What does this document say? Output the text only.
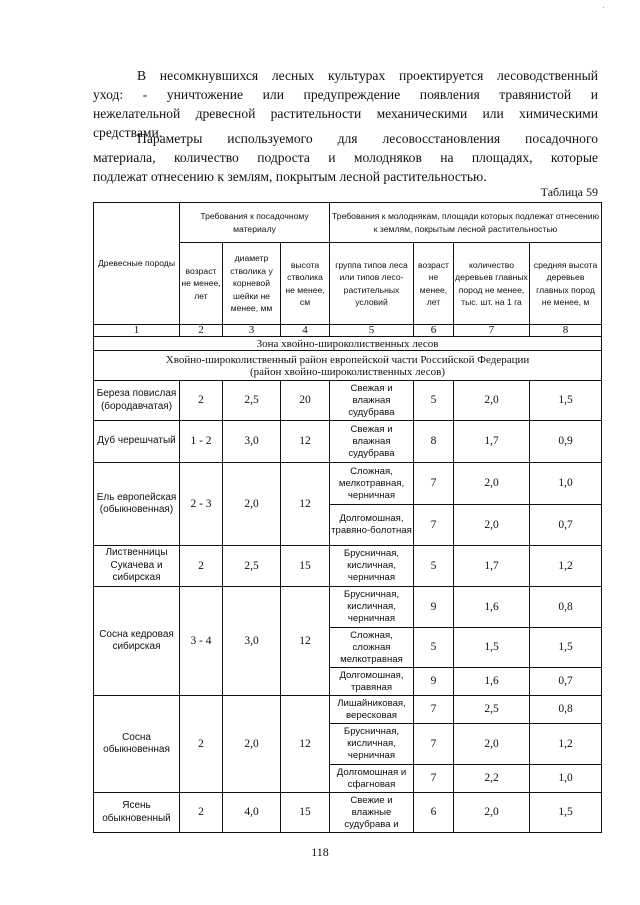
В несомкнувшихся лесных культурах проектируется лесоводственный
уход: - уничтожение или предупреждение появления травянистой и
нежелательной древесной растительности механическими или химическими
средствами.

Параметры используемого для лесовосстановления посадочного
материала, количество подроста и молодняков на площадях, которые
подлежат отнесению к землям, покрытым лесной растительностью.

Таблица 59
Древесные породы	Требования к посадочному материалу			Требования к молоднякам, площади которых подлежат отнесению к землям, покрытым лесной растительностью			
	возраст не менее, лет	диаметр стволика у корневой шейки не менее, мм	высота стволика не менее, см	группа типов леса или типов лесо-растительных условий	возраст не менее, лет	количество деревьев главных пород не менее, тыс. шт. на 1 га	средняя высота деревьев главных пород не менее, м
1	2	3	4	5	6	7	8
Зона хвойно-широколиственных лесов							
Хвойно-широколиственный район европейской части Российской Федерации
(район хвойно-широколиственных лесов)							
Береза повислая (бородавчатая)	2	2,5	20	Свежая и влажная судубрава	5	2,0	1,5
Дуб черешчатый	1 - 2	3,0	12	Свежая и влажная судубрава	8	1,7	0,9
Ель европейская (обыкновенная)	2 - 3	2,0	12	Сложная, мелкотравная, черничная	7	2,0	1,0
				Долгомошная, травяно-болотная	7	2,0	0,7
Лиственницы Сукачева и сибирская	2	2,5	15	Брусничная, кисличная, черничная	5	1,7	1,2
Сосна кедровая сибирская	3 - 4	3,0	12	Брусничная, кисличная, черничная	9	1,6	0,8
				Сложная, сложная мелкотравная	5	1,5	1,5
				Долгомошная, травяная	9	1,6	0,7
Сосна обыкновенная	2	2,0	12	Лишайниковая, вересковая	7	2,5	0,8
				Брусничная, кисличная, черничная	7	2,0	1,2
				Долгомошная и сфагновая	7	2,2	1,0
Ясень обыкновенный	2	4,0	15	Свежие и влажные судубрава и	6	2,0	1,5
118
